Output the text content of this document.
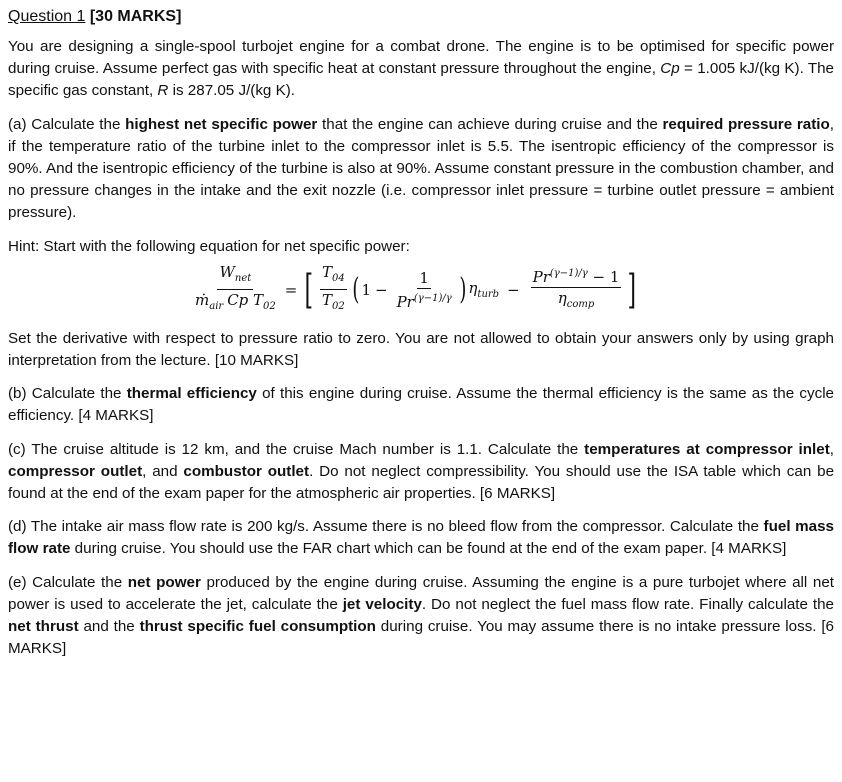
Question 1 [30 MARKS]

You are designing a single-spool turbojet engine for a combat drone. The engine is to be optimised for specific power during cruise. Assume perfect gas with specific heat at constant pressure throughout the engine, Cp = 1.005 kJ/(kg K). The specific gas constant, R is 287.05 J/(kg K).

(a) Calculate the highest net specific power that the engine can achieve during cruise and the required pressure ratio, if the temperature ratio of the turbine inlet to the compressor inlet is 5.5. The isentropic efficiency of the compressor is 90%. And the isentropic efficiency of the turbine is also at 90%. Assume constant pressure in the combustion chamber, and no pressure changes in the intake and the exit nozzle (i.e. compressor inlet pressure = turbine outlet pressure = ambient pressure).

Hint: Start with the following equation for net specific power:

$\frac{W_{net}}{ṁ_{air} Cp T_{02}}$ = [ $\frac{T_{04}}{T_{02}}$ ( $1 - \frac{1}{Pr^{(\gamma-1)/\gamma}}$ ) $\eta_{turb} - \frac{Pr^{(\gamma-1)/\gamma} - 1}{\eta_{comp}}$ ]

Set the derivative with respect to pressure ratio to zero. You are not allowed to obtain your answers only by using graph interpretation from the lecture. [10 MARKS]

(b) Calculate the thermal efficiency of this engine during cruise. Assume the thermal efficiency is the same as the cycle efficiency. [4 MARKS]

(c) The cruise altitude is 12 km, and the cruise Mach number is 1.1. Calculate the temperatures at compressor inlet, compressor outlet, and combustor outlet. Do not neglect compressibility. You should use the ISA table which can be found at the end of the exam paper for the atmospheric air properties. [6 MARKS]

(d) The intake air mass flow rate is 200 kg/s. Assume there is no bleed flow from the compressor. Calculate the fuel mass flow rate during cruise. You should use the FAR chart which can be found at the end of the exam paper. [4 MARKS]

(e) Calculate the net power produced by the engine during cruise. Assuming the engine is a pure turbojet where all net power is used to accelerate the jet, calculate the jet velocity. Do not neglect the fuel mass flow rate. Finally calculate the net thrust and the thrust specific fuel consumption during cruise. You may assume there is no intake pressure loss. [6 MARKS]
